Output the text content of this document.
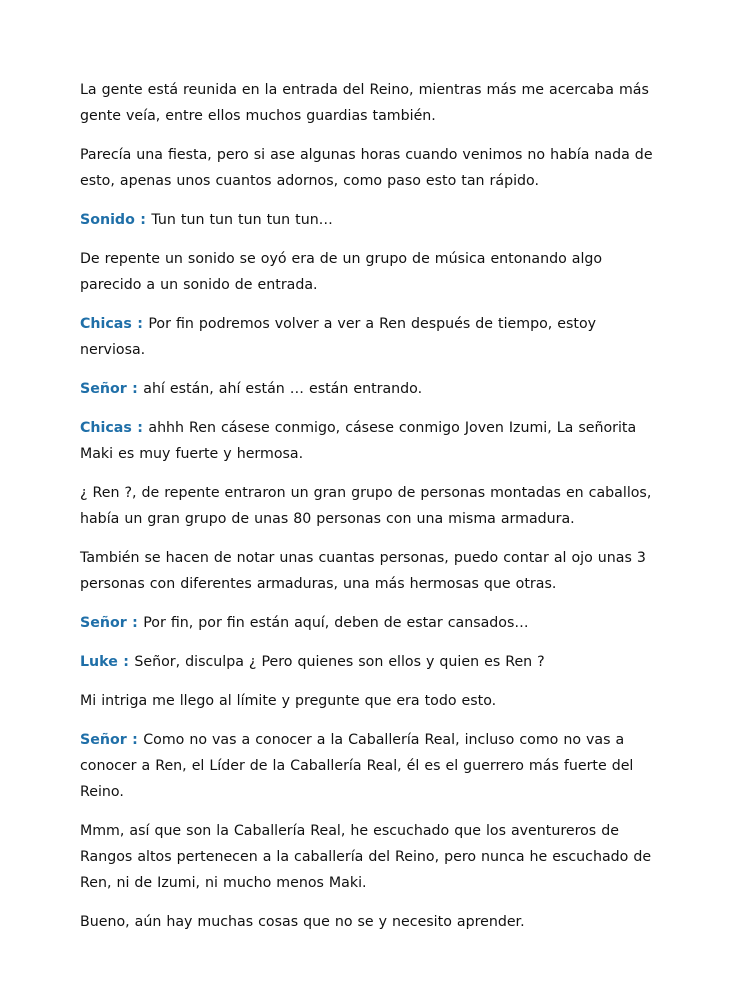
La gente está reunida en la entrada del Reino, mientras más me acercaba más gente veía, entre ellos muchos guardias también.

Parecía una fiesta, pero si ase algunas horas cuando venimos no había nada de esto, apenas unos cuantos adornos, como paso esto tan rápido.

Sonido : Tun tun tun tun tun tun…

De repente un sonido se oyó era de un grupo de música entonando algo parecido a un sonido de entrada.

Chicas : Por fin podremos volver a ver a Ren después de tiempo, estoy nerviosa.

Señor : ahí están, ahí están … están entrando.

Chicas : ahhh Ren cásese conmigo, cásese conmigo Joven Izumi, La señorita Maki es muy fuerte y hermosa.

¿ Ren ?, de repente entraron un gran grupo de personas montadas en caballos, había un gran grupo de unas 80 personas con una misma armadura.

También se hacen de notar unas cuantas personas, puedo contar al ojo unas 3 personas con diferentes armaduras, una más hermosas que otras.

Señor : Por fin, por fin están aquí, deben de estar cansados…

Luke : Señor, disculpa ¿ Pero quienes son ellos y quien es Ren ?

Mi intriga me llego al límite y pregunte que era todo esto.

Señor : Como no vas a conocer a la Caballería Real, incluso como no vas a conocer a Ren, el Líder de la Caballería Real, él es el guerrero más fuerte del Reino.

Mmm, así que son la Caballería Real, he escuchado que los aventureros de Rangos altos pertenecen a la caballería del Reino, pero nunca he escuchado de Ren, ni de Izumi, ni mucho menos Maki.

Bueno, aún hay muchas cosas que no se y necesito aprender.
